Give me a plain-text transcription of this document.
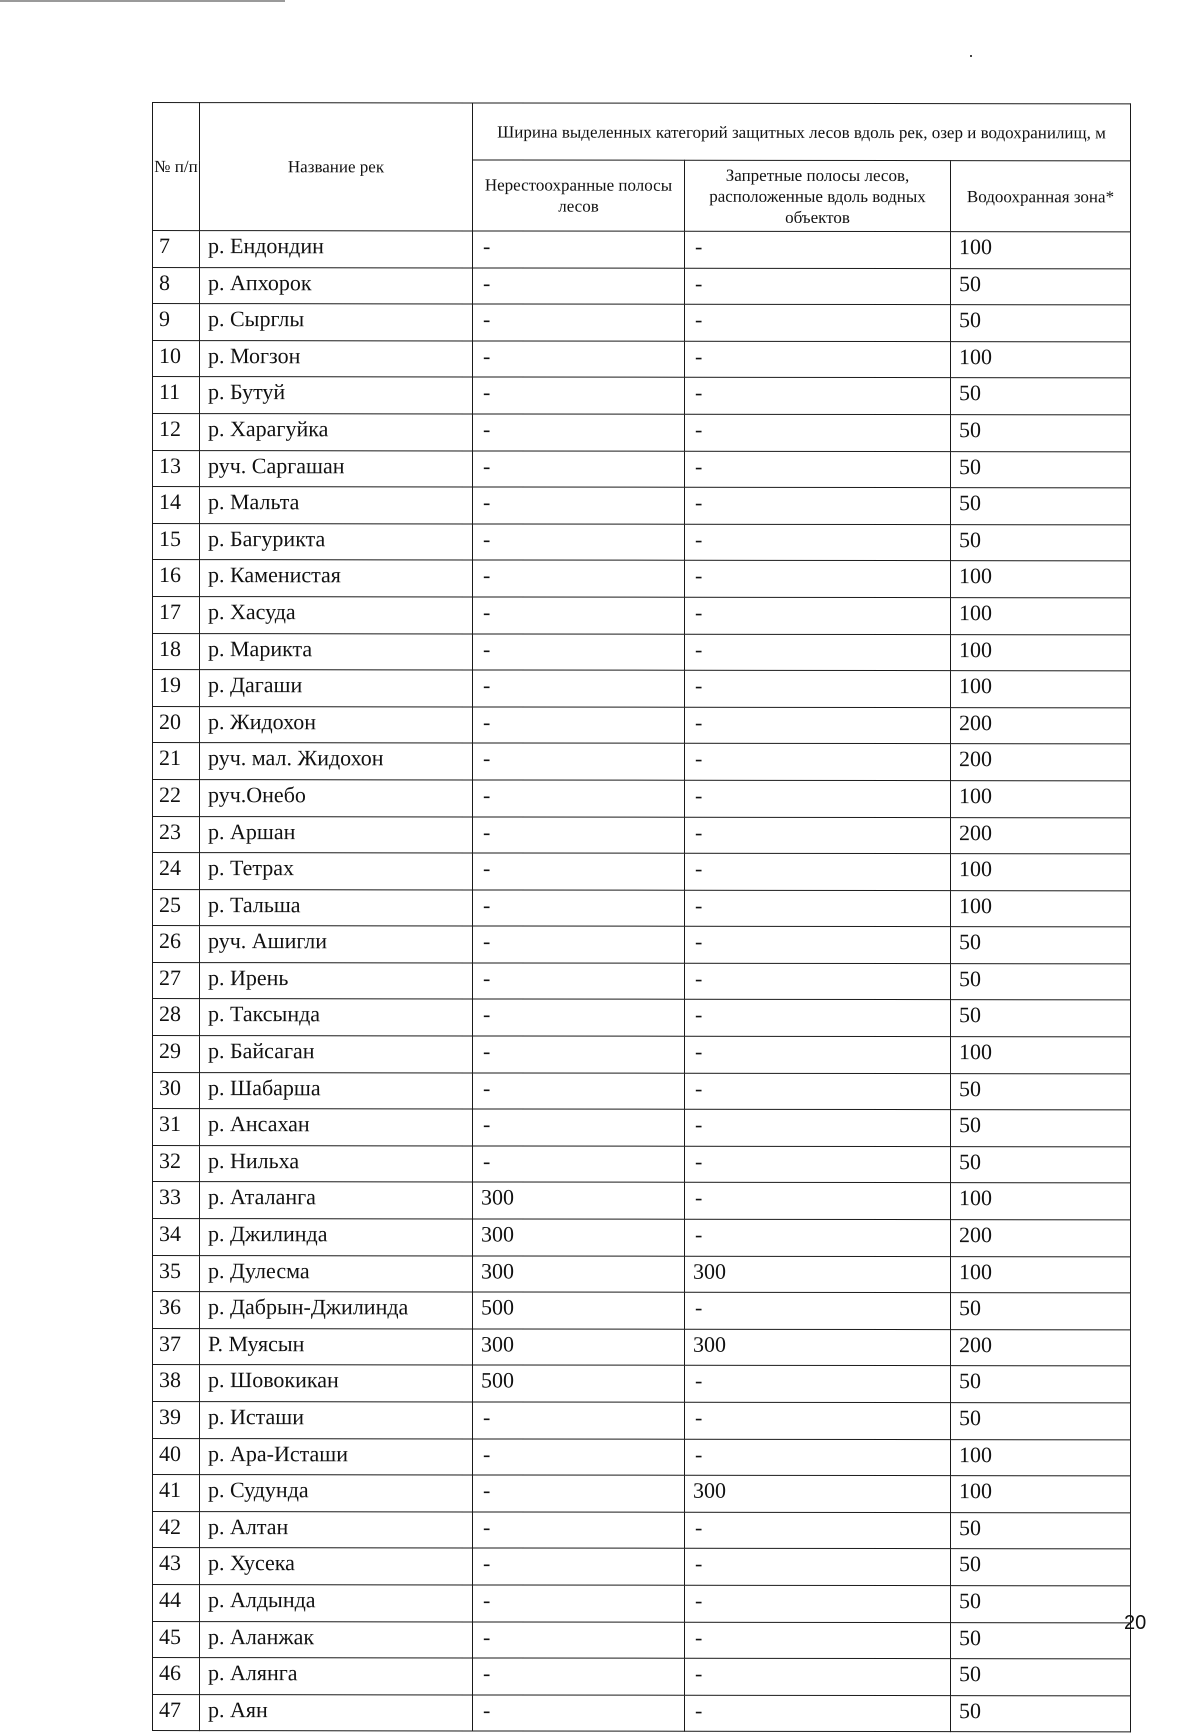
№ п/п	Название рек	Ширина выделенных категорий защитных лесов вдоль рек, озер и водохранилищ, м		
		Нерестоохранные полосы лесов	Запретные полосы лесов, расположенные вдоль водных объектов	Водоохранная зона*
7	р. Ендондин	-	-	100
8	р. Апхорок	-	-	50
9	р. Сырглы	-	-	50
10	р. Могзон	-	-	100
11	р. Бутуй	-	-	50
12	р. Харагуйка	-	-	50
13	руч. Саргашан	-	-	50
14	р. Мальта	-	-	50
15	р. Багурикта	-	-	50
16	р. Каменистая	-	-	100
17	р. Хасуда	-	-	100
18	р. Марикта	-	-	100
19	р. Дагаши	-	-	100
20	р. Жидохон	-	-	200
21	руч. мал. Жидохон	-	-	200
22	руч.Онебо	-	-	100
23	р. Аршан	-	-	200
24	р. Тетрах	-	-	100
25	р. Тальша	-	-	100
26	руч. Ашигли	-	-	50
27	р. Ирень	-	-	50
28	р. Таксында	-	-	50
29	р. Байсаган	-	-	100
30	р. Шабарша	-	-	50
31	р. Ансахан	-	-	50
32	р. Нильха	-	-	50
33	р. Аталанга	300	-	100
34	р. Джилинда	300	-	200
35	р. Дулесма	300	300	100
36	р. Дабрын-Джилинда	500	-	50
37	Р. Муясын	300	300	200
38	р. Шовокикан	500	-	50
39	р. Исташи	-	-	50
40	р. Ара-Исташи	-	-	100
41	р. Судунда	-	300	100
42	р. Алтан	-	-	50
43	р. Хусека	-	-	50
44	р. Алдында	-	-	50
45	р. Аланжак	-	-	50
46	р. Алянга	-	-	50
47	р. Аян	-	-	50
20
